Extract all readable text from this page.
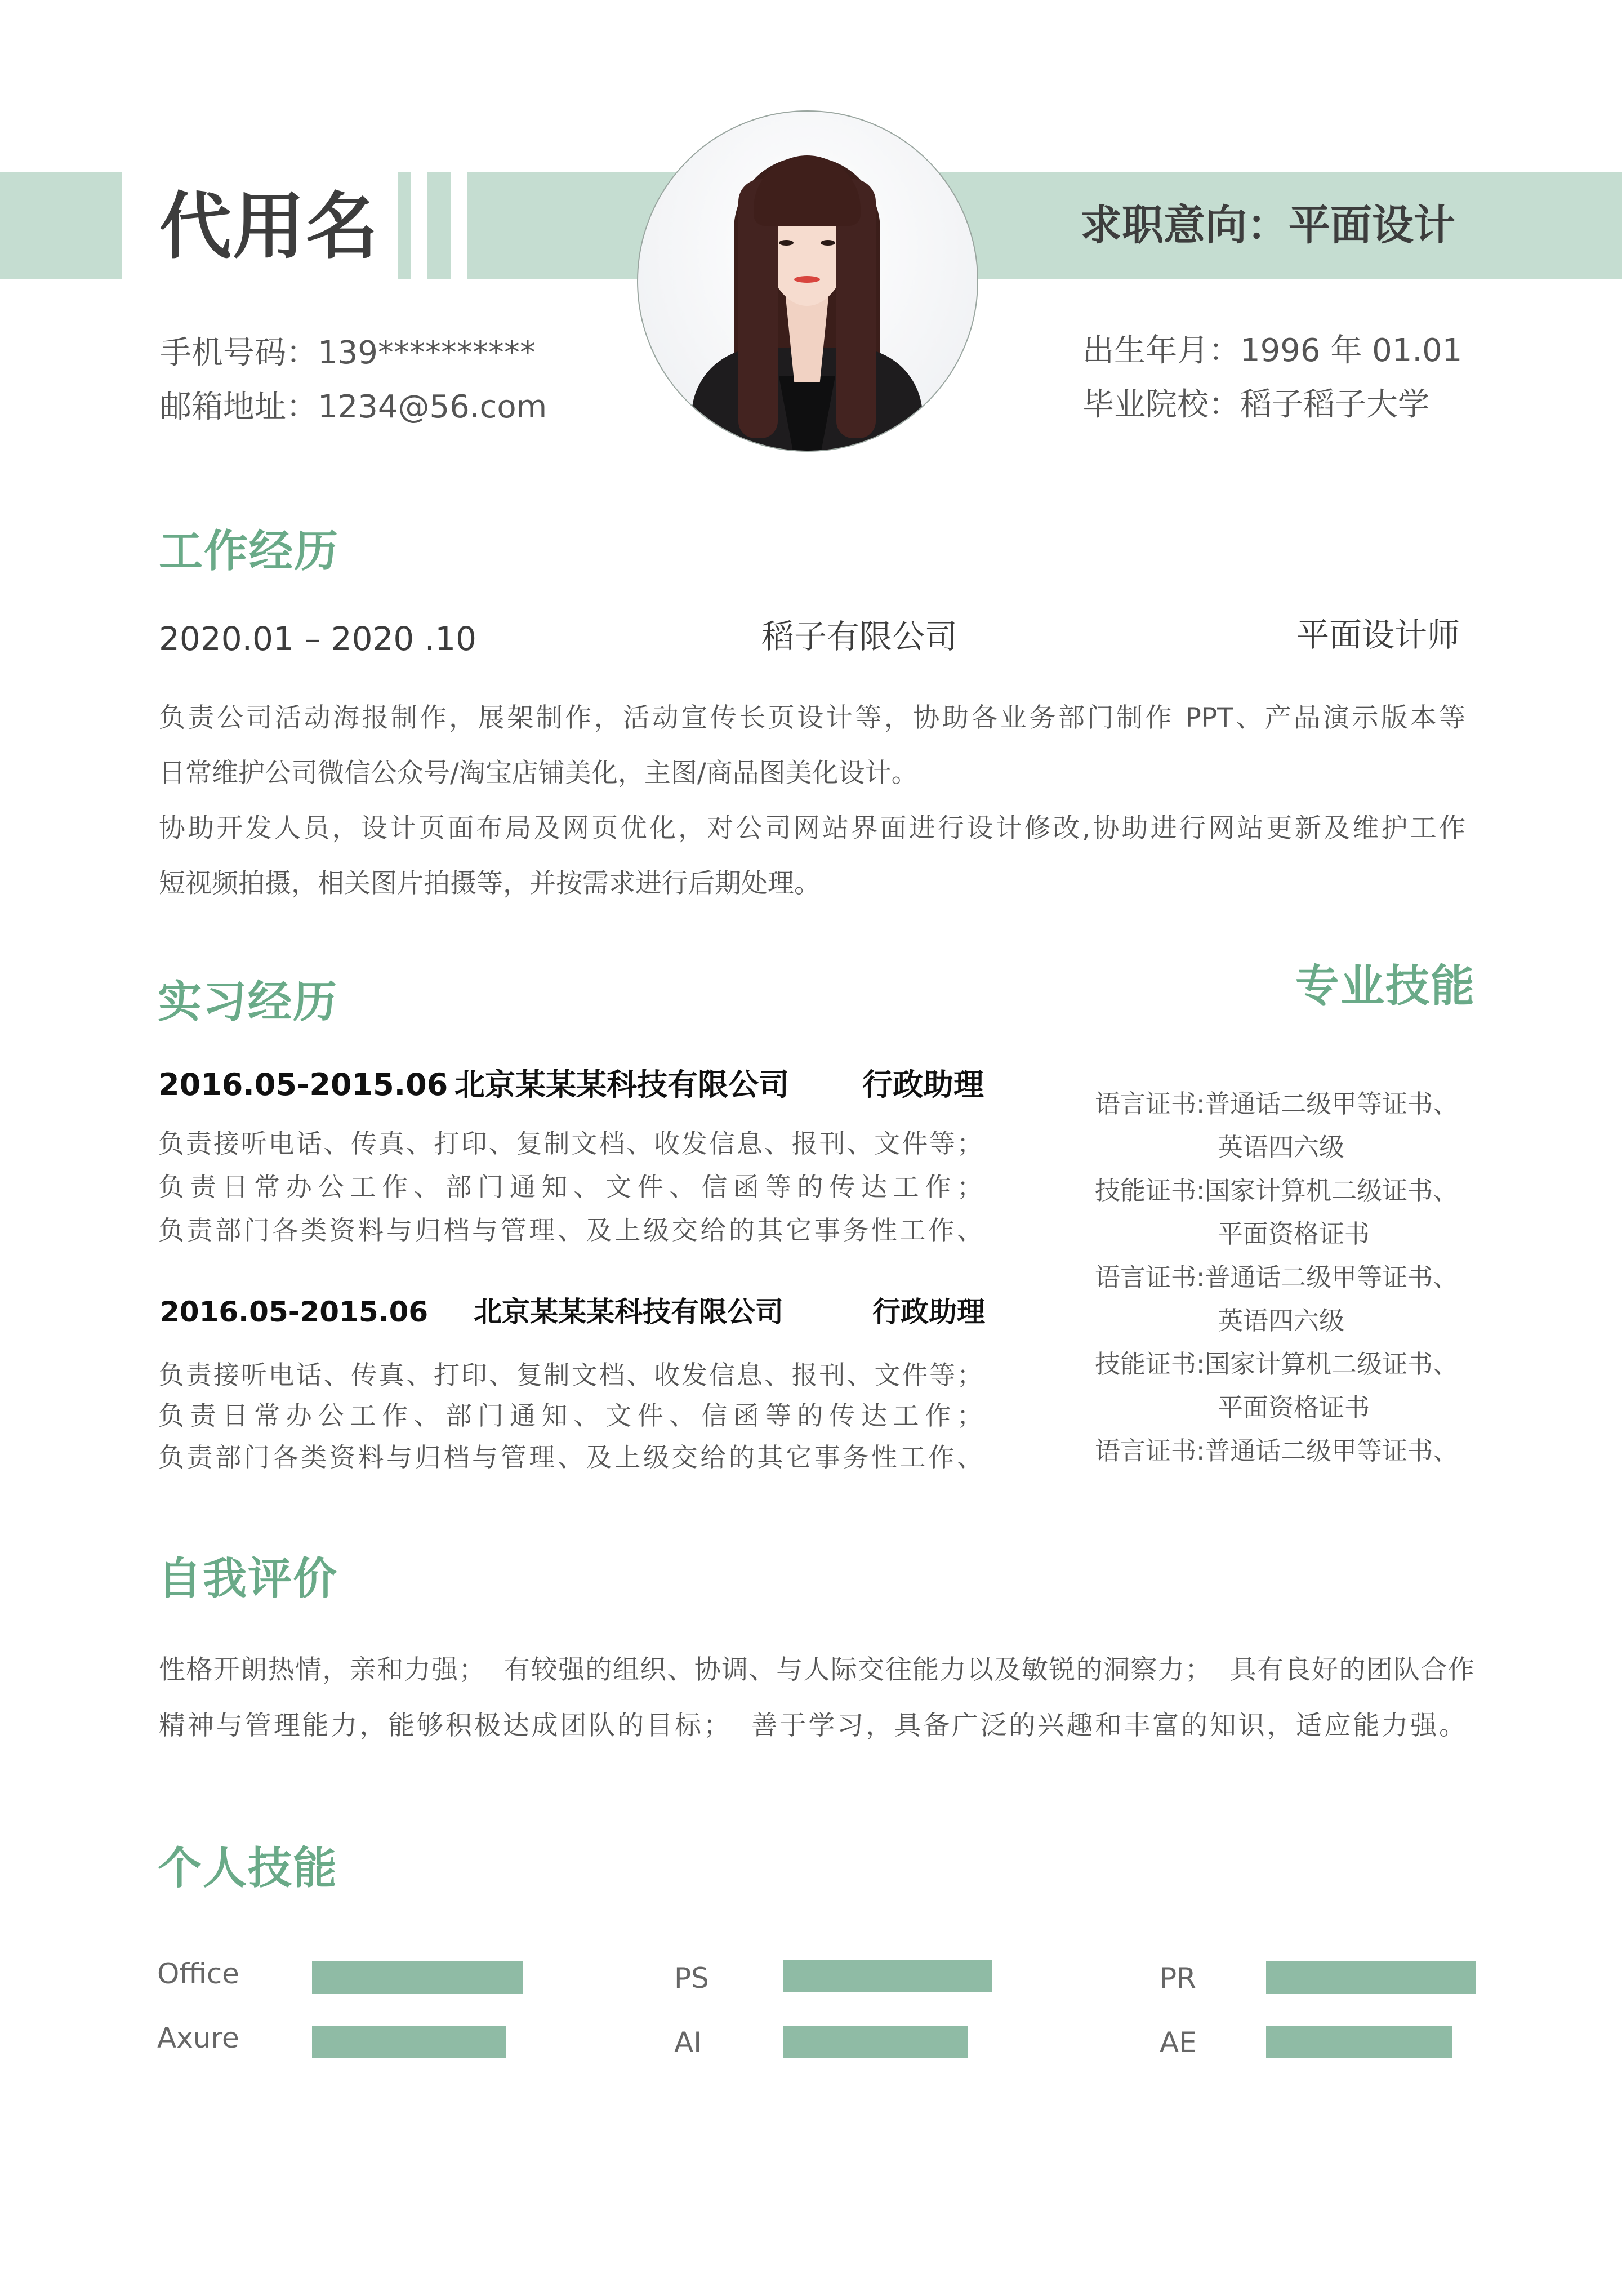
代用名	求职意向：平面设计
手机号码：139**********
邮箱地址：1234@56.com
出生年月：1996 年 01.01
毕业院校：稻子稻子大学
工作经历
2020.01 – 2020 .10	稻子有限公司	平面设计师
负责公司活动海报制作，展架制作，活动宣传长页设计等，协助各业务部门制作 PPT、产品演示版本等
日常维护公司微信公众号/淘宝店铺美化，主图/商品图美化设计。
协助开发人员，设计页面布局及网页优化，对公司网站界面进行设计修改,协助进行网站更新及维护工作
短视频拍摄，相关图片拍摄等，并按需求进行后期处理。
实习经历
2016.05-2015.06 北京某某某科技有限公司 行政助理
负责接听电话、传真、打印、复制文档、收发信息、报刊、文件等；
负责日常办公工作、部门通知、文件、信函等的传达工作；
负责部门各类资料与归档与管理、及上级交给的其它事务性工作、
2016.05-2015.06 北京某某某科技有限公司	行政助理
负责接听电话、传真、打印、复制文档、收发信息、报刊、文件等；
负责日常办公工作、部门通知、文件、信函等的传达工作；
负责部门各类资料与归档与管理、及上级交给的其它事务性工作、
专业技能
语言证书:普通话二级甲等证书、
英语四六级
技能证书:国家计算机二级证书、
平面资格证书
语言证书:普通话二级甲等证书、
英语四六级
技能证书:国家计算机二级证书、
平面资格证书
语言证书:普通话二级甲等证书、
自我评价
性格开朗热情，亲和力强；  有较强的组织、协调、与人际交往能力以及敏锐的洞察力；  具有良好的团队合作
精神与管理能力，能够积极达成团队的目标；  善于学习，具备广泛的兴趣和丰富的知识，适应能力强。
个人技能
Office	PS	PR
Axure	AI	AE
